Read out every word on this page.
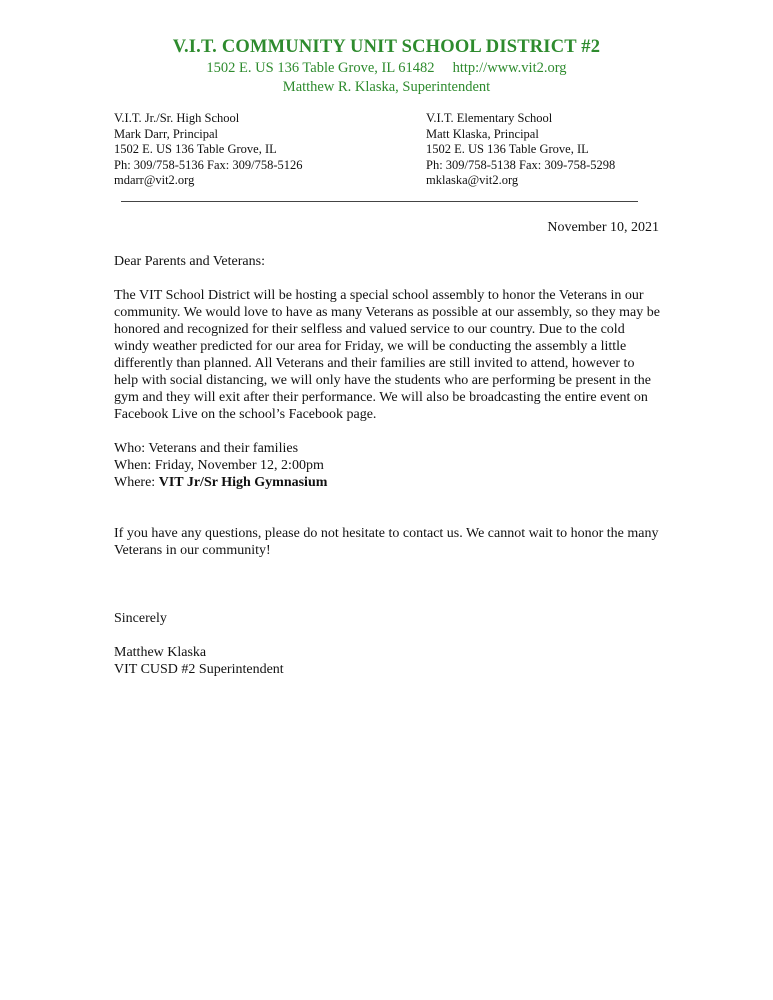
V.I.T. COMMUNITY UNIT SCHOOL DISTRICT #2
1502 E. US 136 Table Grove, IL 61482 http://www.vit2.org
Matthew R. Klaska, Superintendent
V.I.T. Jr./Sr. High School
Mark Darr, Principal
1502 E. US 136 Table Grove, IL
Ph: 309/758-5136 Fax: 309/758-5126
mdarr@vit2.org
V.I.T. Elementary School
Matt Klaska, Principal
1502 E. US 136 Table Grove, IL
Ph: 309/758-5138 Fax: 309-758-5298
mklaska@vit2.org
November 10, 2021

Dear Parents and Veterans:

The VIT School District will be hosting a special school assembly to honor the Veterans in our community. We would love to have as many Veterans as possible at our assembly, so they may be honored and recognized for their selfless and valued service to our country. Due to the cold windy weather predicted for our area for Friday, we will be conducting the assembly a little differently than planned. All Veterans and their families are still invited to attend, however to help with social distancing, we will only have the students who are performing be present in the gym and they will exit after their performance. We will also be broadcasting the entire event on Facebook Live on the school’s Facebook page.

Who: Veterans and their families
When: Friday, November 12, 2:00pm
Where: VIT Jr/Sr High Gymnasium

If you have any questions, please do not hesitate to contact us. We cannot wait to honor the many Veterans in our community!

Sincerely

Matthew Klaska

VIT CUSD #2 Superintendent
